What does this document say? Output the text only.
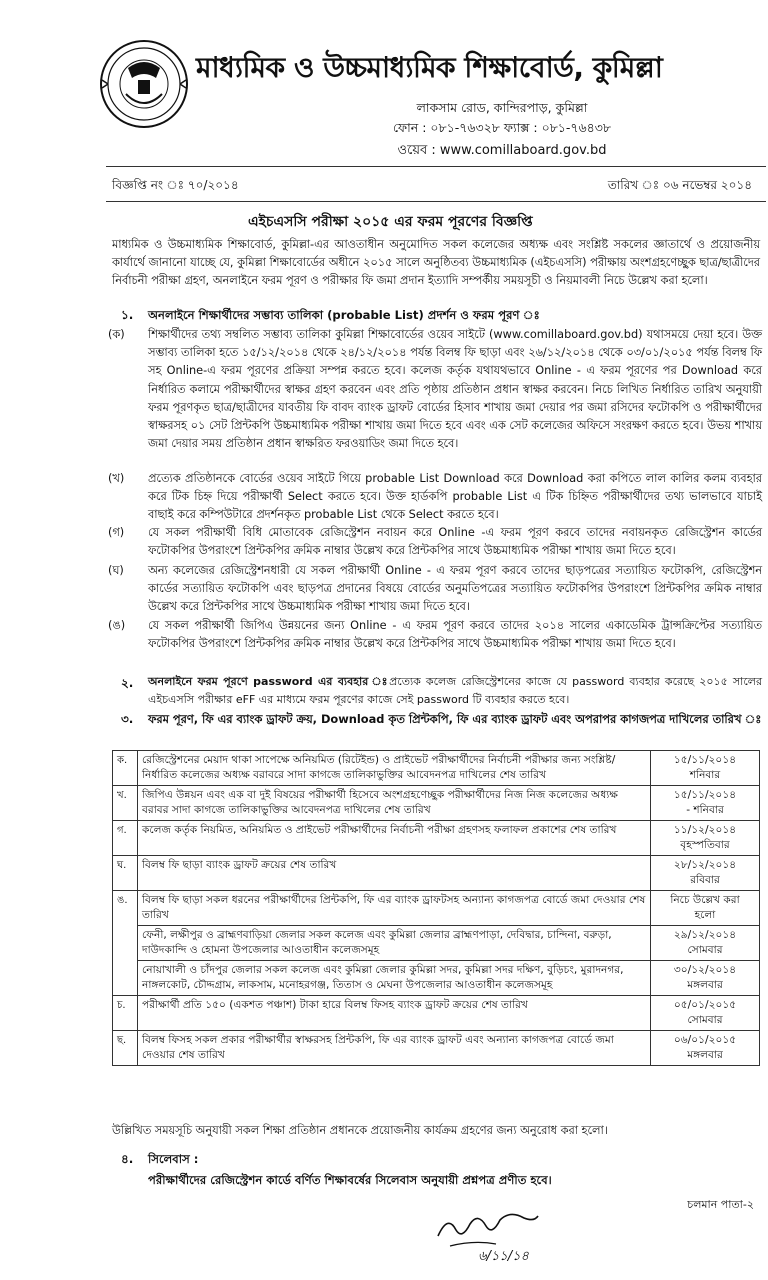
মাধ্যমিক ও উচ্চমাধ্যমিক শিক্ষাবোর্ড, কুমিল্লা
লাকসাম রোড, কান্দিরপাড়, কুমিল্লা
ফোন : ০৮১-৭৬৩২৮ ফ্যাক্স : ০৮১-৭৬৪৩৮
ওয়েব : www.comillaboard.gov.bd
বিজ্ঞপ্তি নং ঃ ৭০/২০১৪	তারিখ ঃ ০৬ নভেম্বর ২০১৪
এইচএসসি পরীক্ষা ২০১৫ এর ফরম পূরণের বিজ্ঞপ্তি
মাধ্যমিক ও উচ্চমাধ্যমিক শিক্ষাবোর্ড, কুমিল্লা-এর আওতাধীন অনুমোদিত সকল কলেজের অধ্যক্ষ এবং সংশ্লিষ্ট সকলের জ্ঞাতার্থে ও প্রয়োজনীয় কার্যার্থে জানানো যাচ্ছে যে, কুমিল্লা শিক্ষাবোর্ডের অধীনে ২০১৫ সালে অনুষ্ঠিতব্য উচ্চমাধ্যমিক (এইচএসসি) পরীক্ষায় অংশগ্রহণেচ্ছুক ছাত্র/ছাত্রীদের নির্বাচনী পরীক্ষা গ্রহণ, অনলাইনে ফরম পূরণ ও পরীক্ষার ফি জমা প্রদান ইত্যাদি সম্পর্কীয় সময়সূচী ও নিয়মাবলী নিচে উল্লেখ করা হলো।
১. অনলাইনে শিক্ষার্থীদের সম্ভাব্য তালিকা (probable List) প্রদর্শন ও ফরম পূরণ ঃ
(ক) শিক্ষার্থীদের তথ্য সম্বলিত সম্ভাব্য তালিকা কুমিল্লা শিক্ষাবোর্ডের ওয়েব সাইটে (www.comillaboard.gov.bd) যথাসময়ে দেয়া হবে। উক্ত সম্ভাব্য তালিকা হতে ১৫/১২/২০১৪ থেকে ২৪/১২/২০১৪ পর্যন্ত বিলম্ব ফি ছাড়া এবং ২৬/১২/২০১৪ থেকে ০৩/০১/২০১৫ পর্যন্ত বিলম্ব ফি সহ Online-এ ফরম পূরণের প্রক্রিয়া সম্পন্ন করতে হবে। কলেজ কর্তৃক যথাযথভাবে Online - এ ফরম পূরণের পর Download করে নির্ধারিত কলামে পরীক্ষার্থীদের স্বাক্ষর গ্রহণ করবেন এবং প্রতি পৃষ্ঠায় প্রতিষ্ঠান প্রধান স্বাক্ষর করবেন। নিচে লিখিত নির্ধারিত তারিখ অনুযায়ী ফরম পূরণকৃত ছাত্র/ছাত্রীদের যাবতীয় ফি বাবদ ব্যাংক ড্রাফট বোর্ডের হিসাব শাখায় জমা দেয়ার পর জমা রসিদের ফটোকপি ও পরীক্ষার্থীদের স্বাক্ষরসহ ০১ সেট প্রিন্টকপি উচ্চমাধ্যমিক পরীক্ষা শাখায় জমা দিতে হবে এবং এক সেট কলেজের অফিসে সংরক্ষণ করতে হবে। উভয় শাখায় জমা দেয়ার সময় প্রতিষ্ঠান প্রধান স্বাক্ষরিত ফরওয়াডিং জমা দিতে হবে।
(খ) প্রত্যেক প্রতিষ্ঠানকে বোর্ডের ওয়েব সাইটে গিয়ে probable List Download করে Download করা কপিতে লাল কালির কলম ব্যবহার করে টিক চিহ্ন দিয়ে পরীক্ষার্থী Select করতে হবে। উক্ত হার্ডকপি probable List এ টিক চিহ্নিত পরীক্ষার্থীদের তথ্য ভালভাবে যাচাই বাছাই করে কম্পিউটারে প্রদর্শনকৃত probable List থেকে Select করতে হবে।
(গ) যে সকল পরীক্ষার্থী বিধি মোতাবেক রেজিস্ট্রেশন নবায়ন করে Online -এ ফরম পূরণ করবে তাদের নবায়নকৃত রেজিস্ট্রেশন কার্ডের ফটোকপির উপরাংশে প্রিন্টকপির ক্রমিক নাম্বার উল্লেখ করে প্রিন্টকপির সাথে উচ্চমাধ্যমিক পরীক্ষা শাখায় জমা দিতে হবে।
(ঘ) অন্য কলেজের রেজিস্ট্রেশনধারী যে সকল পরীক্ষার্থী Online - এ ফরম পূরণ করবে তাদের ছাড়পত্রের সত্যায়িত ফটোকপি, রেজিস্ট্রেশন কার্ডের সত্যায়িত ফটোকপি এবং ছাড়পত্র প্রদানের বিষয়ে বোর্ডের অনুমতিপত্রের সত্যায়িত ফটোকপির উপরাংশে প্রিন্টকপির ক্রমিক নাম্বার উল্লেখ করে প্রিন্টকপির সাথে উচ্চমাধ্যমিক পরীক্ষা শাখায় জমা দিতে হবে।
(ঙ) যে সকল পরীক্ষার্থী জিপিএ উন্নয়নের জন্য Online - এ ফরম পূরণ করবে তাদের ২০১৪ সালের একাডেমিক ট্রান্সক্রিপ্টের সত্যায়িত ফটোকপির উপরাংশে প্রিন্টকপির ক্রমিক নাম্বার উল্লেখ করে প্রিন্টকপির সাথে উচ্চমাধ্যমিক পরীক্ষা শাখায় জমা দিতে হবে।
২. অনলাইনে ফরম পূরণে password এর ব্যবহার ঃপ্রত্যেক কলেজ রেজিস্ট্রেশনের কাজে যে password ব্যবহার করেছে ২০১৫ সালের এইচএসসি পরীক্ষার eFF এর মাধ্যমে ফরম পূরণের কাজে সেই password টি ব্যবহার করতে হবে।
৩. ফরম পূরণ, ফি এর ব্যাংক ড্রাফট ক্রয়, Download কৃত প্রিন্টকপি, ফি এর ব্যাংক ড্রাফট এবং অপরাপর কাগজপত্র দাখিলের তারিখ ঃ
ক.	রেজিস্ট্রেশনের মেয়াদ থাকা সাপেক্ষে অনিয়মিত (রিটেইন্ড) ও প্রাইভেট পরীক্ষার্থীদের নির্বাচনী পরীক্ষার জন্য সংশ্লিষ্ট/নির্ধারিত কলেজের অধ্যক্ষ বরাবরে সাদা কাগজে তালিকাভুক্তির আবেদনপত্র দাখিলের শেষ তারিখ	১৫/১১/২০১৪
শনিবার

খ.	জিপিএ উন্নয়ন এবং এক বা দুই বিষয়ের পরীক্ষার্থী হিসেবে অংশগ্রহণেচ্ছুক পরীক্ষার্থীদের নিজ নিজ কলেজের অধ্যক্ষ বরাবর সাদা কাগজে তালিকাভুক্তির আবেদনপত্র দাখিলের শেষ তারিখ	১৫/১১/২০১৪
- শনিবার

গ.	কলেজ কর্তৃক নিয়মিত, অনিয়মিত ও প্রাইভেট পরীক্ষার্থীদের নির্বাচনী পরীক্ষা গ্রহণসহ ফলাফল প্রকাশের শেষ তারিখ	১১/১২/২০১৪
বৃহস্পতিবার

ঘ.	বিলম্ব ফি ছাড়া ব্যাংক ড্রাফট ক্রয়ের শেষ তারিখ	২৮/১২/২০১৪
রবিবার

ঙ.	বিলম্ব ফি ছাড়া সকল ধরনের পরীক্ষার্থীদের প্রিন্টকপি, ফি এর ব্যাংক ড্রাফটসহ অন্যান্য কাগজপত্র বোর্ডে জমা দেওয়ার শেষ তারিখ	নিচে উল্লেখ করা
হলো

	ফেনী, লক্ষীপুর ও ব্রাহ্মণবাড়িয়া জেলার সকল কলেজ এবং কুমিল্লা জেলার ব্রাহ্মণপাড়া, দেবিদ্বার, চান্দিনা, বরুড়া, দাউদকান্দি ও হোমনা উপজেলার আওতাধীন কলেজসমূহ	২৯/১২/২০১৪
সোমবার

	নোয়াখালী ও চাঁদপুর জেলার সকল কলেজ এবং কুমিল্লা জেলার কুমিল্লা সদর, কুমিল্লা সদর দক্ষিণ, বুড়িচং, মুরাদনগর, নাঙ্গলকোট, চৌদ্দগ্রাম, লাকসাম, মনোহরগঞ্জ, তিতাস ও মেঘনা উপজেলার আওতাধীন কলেজসমূহ	৩০/১২/২০১৪
মঙ্গলবার

চ.	পরীক্ষার্থী প্রতি ১৫০ (একশত পঞ্চাশ) টাকা হারে বিলম্ব ফিসহ ব্যাংক ড্রাফট ক্রয়ের শেষ তারিখ	০৫/০১/২০১৫
সোমবার

ছ.	বিলম্ব ফিসহ সকল প্রকার পরীক্ষার্থীর স্বাক্ষরসহ প্রিন্টকপি, ফি এর ব্যাংক ড্রাফট এবং অন্যান্য কাগজপত্র বোর্ডে জমা দেওয়ার শেষ তারিখ	০৬/০১/২০১৫
মঙ্গলবার
উল্লিখিত সময়সূচি অনুযায়ী সকল শিক্ষা প্রতিষ্ঠান প্রধানকে প্রয়োজনীয় কার্যক্রম গ্রহণের জন্য অনুরোধ করা হলো।
৪. সিলেবাস :
পরীক্ষার্থীদের রেজিস্ট্রেশন কার্ডে বর্ণিত শিক্ষাবর্ষের সিলেবাস অনুযায়ী প্রশ্নপত্র প্রণীত হবে।
চলমান পাতা-২
৬/১১/১৪
